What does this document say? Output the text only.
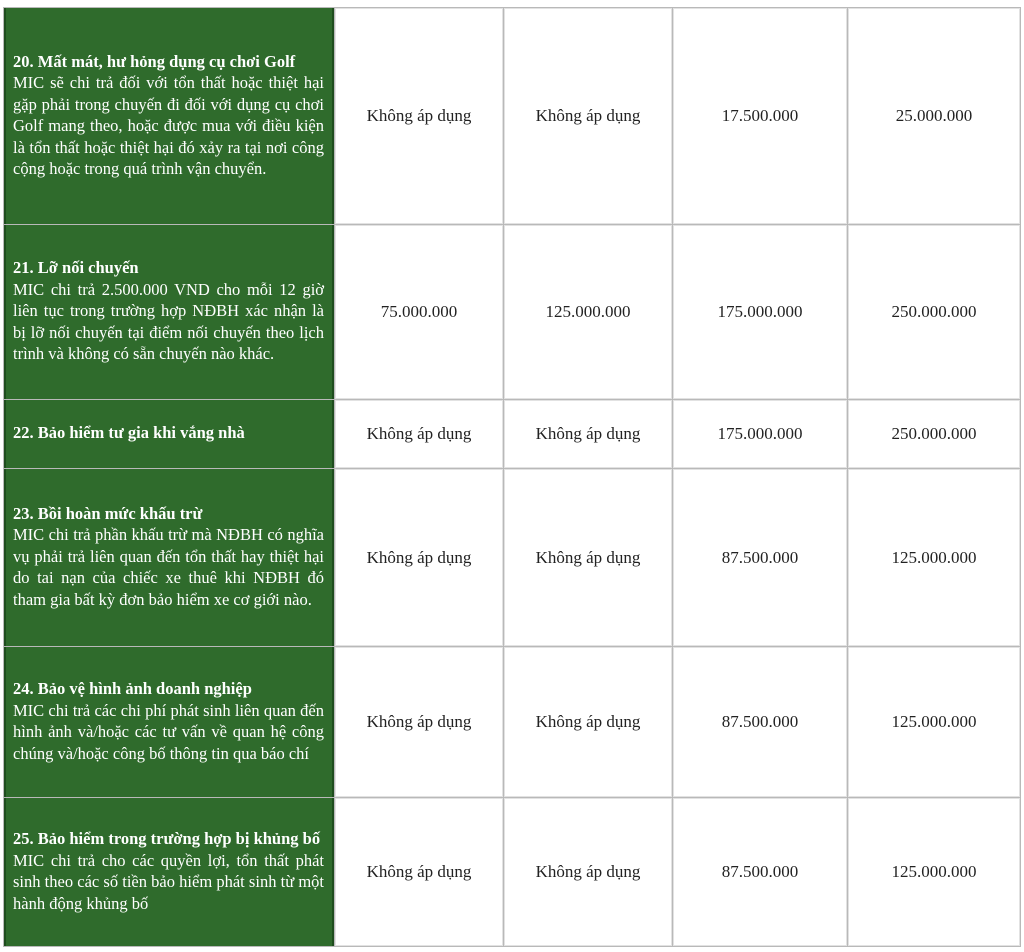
20. Mất mát, hư hỏng dụng cụ chơi Golf
MIC sẽ chi trả đối với tổn thất hoặc thiệt hại gặp phải trong chuyến đi đối với dụng cụ chơi Golf mang theo, hoặc được mua với điều kiện là tổn thất hoặc thiệt hại đó xảy ra tại nơi công cộng hoặc trong quá trình vận chuyển.	Không áp dụng	Không áp dụng	17.500.000	25.000.000

21. Lỡ nối chuyến
MIC chi trả 2.500.000 VND cho mỗi 12 giờ liên tục trong trường hợp NĐBH xác nhận là bị lỡ nối chuyến tại điểm nối chuyến theo lịch trình và không có sẵn chuyến nào khác.	75.000.000	125.000.000	175.000.000	250.000.000

22. Bảo hiểm tư gia khi vắng nhà	Không áp dụng	Không áp dụng	175.000.000	250.000.000

23. Bồi hoàn mức khấu trừ
MIC chi trả phần khấu trừ mà NĐBH có nghĩa vụ phải trả liên quan đến tổn thất hay thiệt hại do tai nạn của chiếc xe thuê khi NĐBH đó tham gia bất kỳ đơn bảo hiểm xe cơ giới nào.	Không áp dụng	Không áp dụng	87.500.000	125.000.000

24. Bảo vệ hình ảnh doanh nghiệp
MIC chi trả các chi phí phát sinh liên quan đến hình ảnh và/hoặc các tư vấn về quan hệ công chúng và/hoặc công bố thông tin qua báo chí	Không áp dụng	Không áp dụng	87.500.000	125.000.000

25. Bảo hiểm trong trường hợp bị khủng bố
MIC chi trả cho các quyền lợi, tổn thất phát sinh theo các số tiền bảo hiểm phát sinh từ một hành động khủng bố	Không áp dụng	Không áp dụng	87.500.000	125.000.000
